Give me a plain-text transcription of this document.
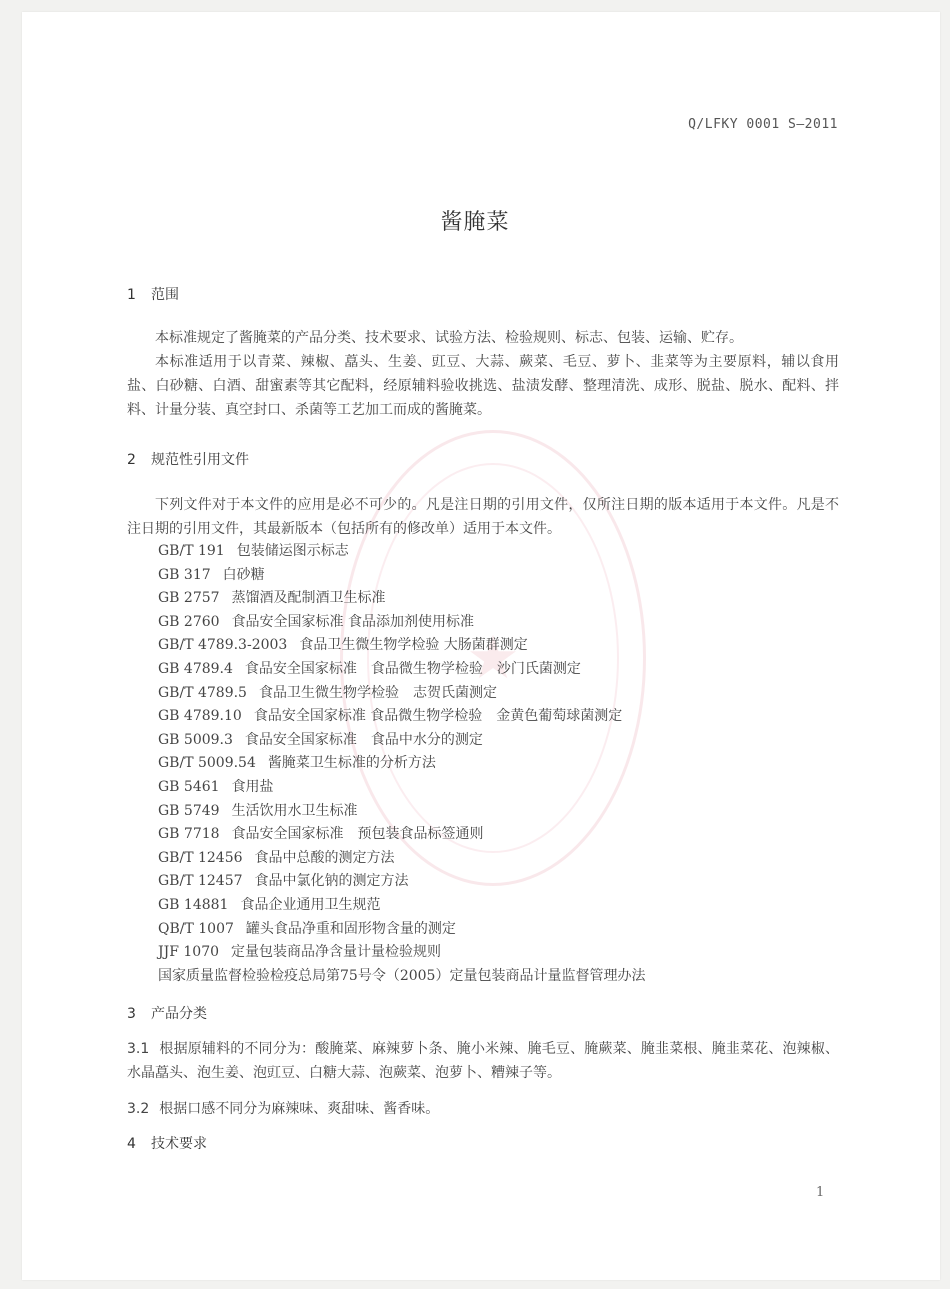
★
Q/LFKY 0001 S—2011
酱腌菜
1 范围
本标准规定了酱腌菜的产品分类、技术要求、试验方法、检验规则、标志、包装、运输、贮存。
本标准适用于以青菜、辣椒、藠头、生姜、豇豆、大蒜、蕨菜、毛豆、萝卜、韭菜等为主要原料，辅以食用盐、白砂糖、白酒、甜蜜素等其它配料，经原辅料验收挑选、盐渍发酵、整理清洗、成形、脱盐、脱水、配料、拌料、计量分装、真空封口、杀菌等工艺加工而成的酱腌菜。
2 规范性引用文件
下列文件对于本文件的应用是必不可少的。凡是注日期的引用文件，仅所注日期的版本适用于本文件。凡是不注日期的引用文件，其最新版本（包括所有的修改单）适用于本文件。
GB/T 191 包装储运图示标志
GB 317 白砂糖
GB 2757 蒸馏酒及配制酒卫生标准
GB 2760 食品安全国家标准 食品添加剂使用标准
GB/T 4789.3-2003 食品卫生微生物学检验 大肠菌群测定
GB 4789.4 食品安全国家标准　食品微生物学检验　沙门氏菌测定
GB/T 4789.5 食品卫生微生物学检验　志贺氏菌测定
GB 4789.10 食品安全国家标准 食品微生物学检验　金黄色葡萄球菌测定
GB 5009.3 食品安全国家标准　食品中水分的测定
GB/T 5009.54 酱腌菜卫生标准的分析方法
GB 5461 食用盐
GB 5749 生活饮用水卫生标准
GB 7718 食品安全国家标准　预包装食品标签通则
GB/T 12456 食品中总酸的测定方法
GB/T 12457 食品中氯化钠的测定方法
GB 14881 食品企业通用卫生规范
QB/T 1007 罐头食品净重和固形物含量的测定
JJF 1070 定量包装商品净含量计量检验规则
国家质量监督检验检疫总局第75号令（2005）定量包装商品计量监督管理办法
3 产品分类
3.1 根据原辅料的不同分为：酸腌菜、麻辣萝卜条、腌小米辣、腌毛豆、腌蕨菜、腌韭菜根、腌韭菜花、泡辣椒、水晶藠头、泡生姜、泡豇豆、白糖大蒜、泡蕨菜、泡萝卜、糟辣子等。
3.2 根据口感不同分为麻辣味、爽甜味、酱香味。
4 技术要求
1
